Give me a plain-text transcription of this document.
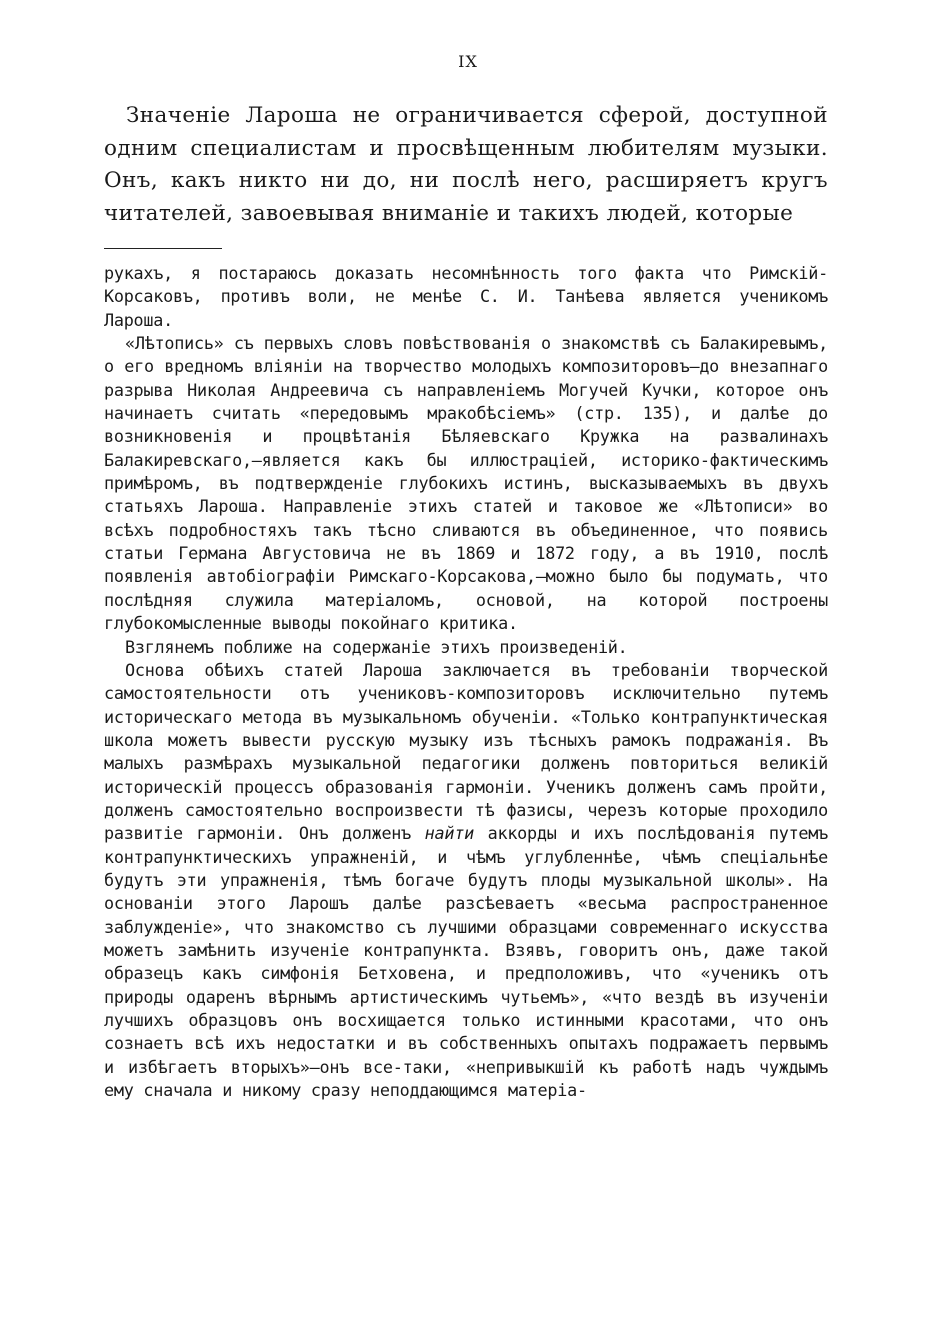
IX

Значеніе Лароша не ограничивается сферой, доступной одним специалистам и просвѣщенным любителям музыки. Онъ, какъ никто ни до, ни послѣ него, расширяетъ кругъ читателей, завоевывая вниманіе и такихъ людей, которые

рукахъ, я постараюсь доказать несомнѣнность того факта что Римскій-Корсаковъ, противъ воли, не менѣе С. И. Танѣева является ученикомъ Лароша.

«Лѣтопись» съ первыхъ словъ повѣствованія о знакомствѣ съ Балакиревымъ, о его вредномъ вліяніи на творчество молодыхъ композиторовъ—до внезапнаго разрыва Николая Андреевича съ направленіемъ Могучей Кучки, которое онъ начинаетъ считать «передовымъ мракобѣсіемъ» (стр. 135), и далѣе до возникновенія и процвѣтанія Бѣляевскаго Кружка на развалинахъ Балакиревскаго,—является какъ бы иллюстраціей, историко-фактическимъ примѣромъ, въ подтвержденіе глубокихъ истинъ, высказываемыхъ въ двухъ статьяхъ Лароша. Направленіе этихъ статей и таковое же «Лѣтописи» во всѣхъ подробностяхъ такъ тѣсно сливаются въ объединенное, что появись статьи Германа Августовича не въ 1869 и 1872 году, а въ 1910, послѣ появленія автобіографіи Римскаго-Корсакова,—можно было бы подумать, что послѣдняя служила матеріаломъ, основой, на которой построены глубокомысленные выводы покойнаго критика.

Взглянемъ поближе на содержаніе этихъ произведеній.

Основа обѣихъ статей Лароша заключается въ требованіи творческой самостоятельности отъ учениковъ-композиторовъ исключительно путемъ историческаго метода въ музыкальномъ обученіи. «Только контрапунктическая школа можетъ вывести русскую музыку изъ тѣсныхъ рамокъ подражанія. Въ малыхъ размѣрахъ музыкальной педагогики долженъ повториться великій историческій процессъ образованія гармоніи. Ученикъ долженъ самъ пройти, долженъ самостоятельно воспроизвести тѣ фазисы, черезъ которые проходило развитіе гармоніи. Онъ долженъ найти аккорды и ихъ послѣдованія путемъ контрапунктическихъ упражненій, и чѣмъ углубленнѣе, чѣмъ спеціальнѣе будутъ эти упражненія, тѣмъ богаче будутъ плоды музыкальной школы». На основаніи этого Ларошъ далѣе разсѣеваетъ «весьма распространенное заблужденіе», что знакомство съ лучшими образцами современнаго искусства можетъ замѣнить изученіе контрапункта. Взявъ, говоритъ онъ, даже такой образецъ какъ симфонія Бетховена, и предположивъ, что «ученикъ отъ природы одаренъ вѣрнымъ артистическимъ чутьемъ», «что вездѣ въ изученіи лучшихъ образцовъ онъ восхищается только истинными красотами, что онъ сознаетъ всѣ ихъ недостатки и въ собственныхъ опытахъ подражаетъ первымъ и избѣгаетъ вторыхъ»—онъ все-таки, «непривыкшій къ работѣ надъ чуждымъ ему сначала и никому сразу неподдающимся матеріа-
